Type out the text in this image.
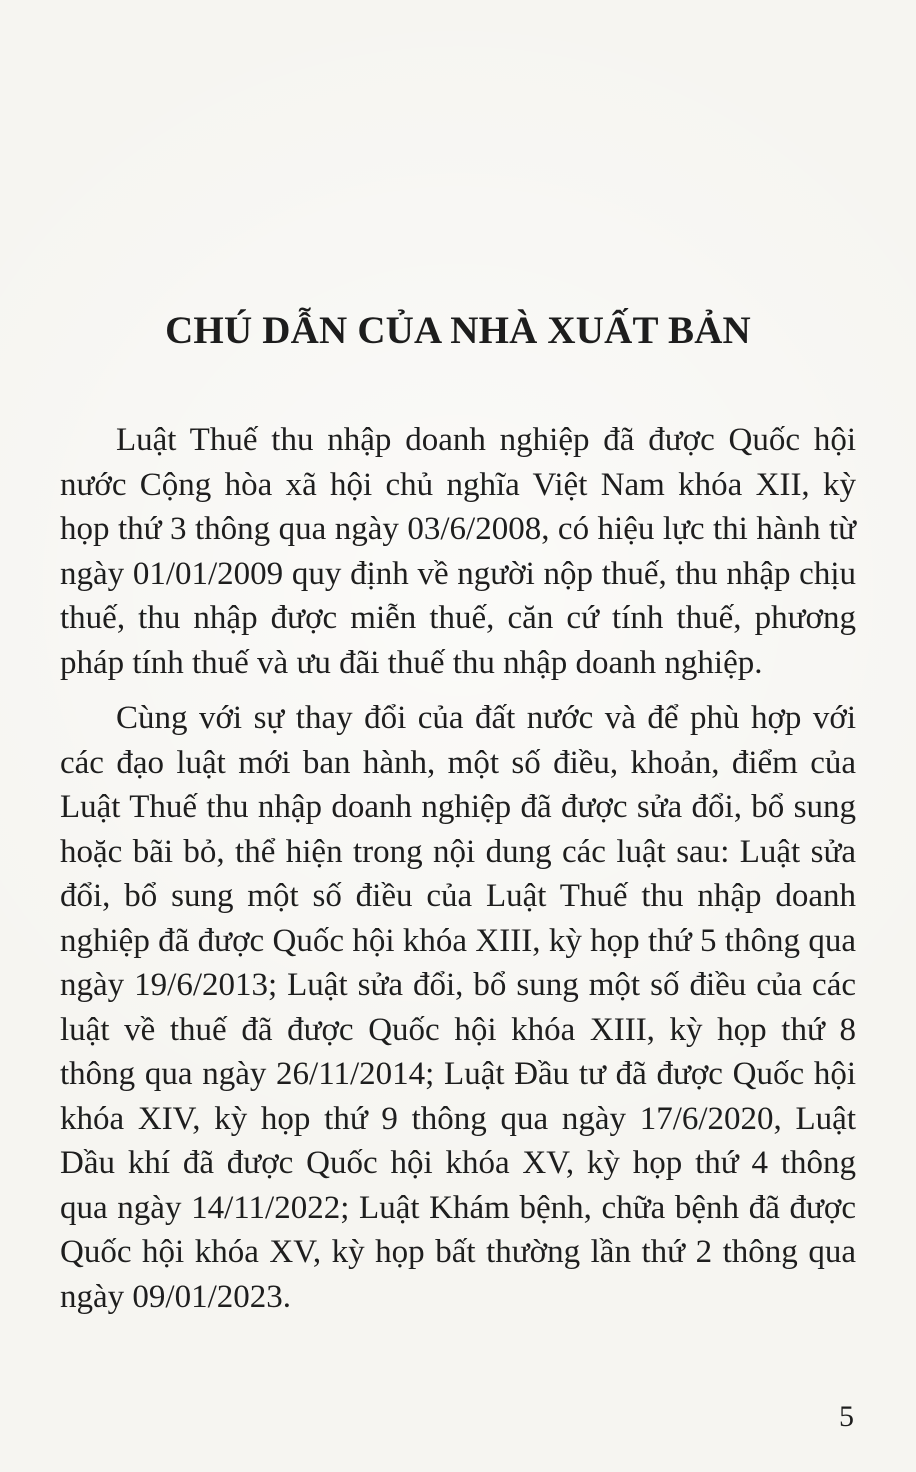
CHÚ DẪN CỦA NHÀ XUẤT BẢN

Luật Thuế thu nhập doanh nghiệp đã được Quốc hội nước Cộng hòa xã hội chủ nghĩa Việt Nam khóa XII, kỳ họp thứ 3 thông qua ngày 03/6/2008, có hiệu lực thi hành từ ngày 01/01/2009 quy định về người nộp thuế, thu nhập chịu thuế, thu nhập được miễn thuế, căn cứ tính thuế, phương pháp tính thuế và ưu đãi thuế thu nhập doanh nghiệp.

Cùng với sự thay đổi của đất nước và để phù hợp với các đạo luật mới ban hành, một số điều, khoản, điểm của Luật Thuế thu nhập doanh nghiệp đã được sửa đổi, bổ sung hoặc bãi bỏ, thể hiện trong nội dung các luật sau: Luật sửa đổi, bổ sung một số điều của Luật Thuế thu nhập doanh nghiệp đã được Quốc hội khóa XIII, kỳ họp thứ 5 thông qua ngày 19/6/2013; Luật sửa đổi, bổ sung một số điều của các luật về thuế đã được Quốc hội khóa XIII, kỳ họp thứ 8 thông qua ngày 26/11/2014; Luật Đầu tư đã được Quốc hội khóa XIV, kỳ họp thứ 9 thông qua ngày 17/6/2020, Luật Dầu khí đã được Quốc hội khóa XV, kỳ họp thứ 4 thông qua ngày 14/11/2022; Luật Khám bệnh, chữa bệnh đã được Quốc hội khóa XV, kỳ họp bất thường lần thứ 2 thông qua ngày 09/01/2023.

5
